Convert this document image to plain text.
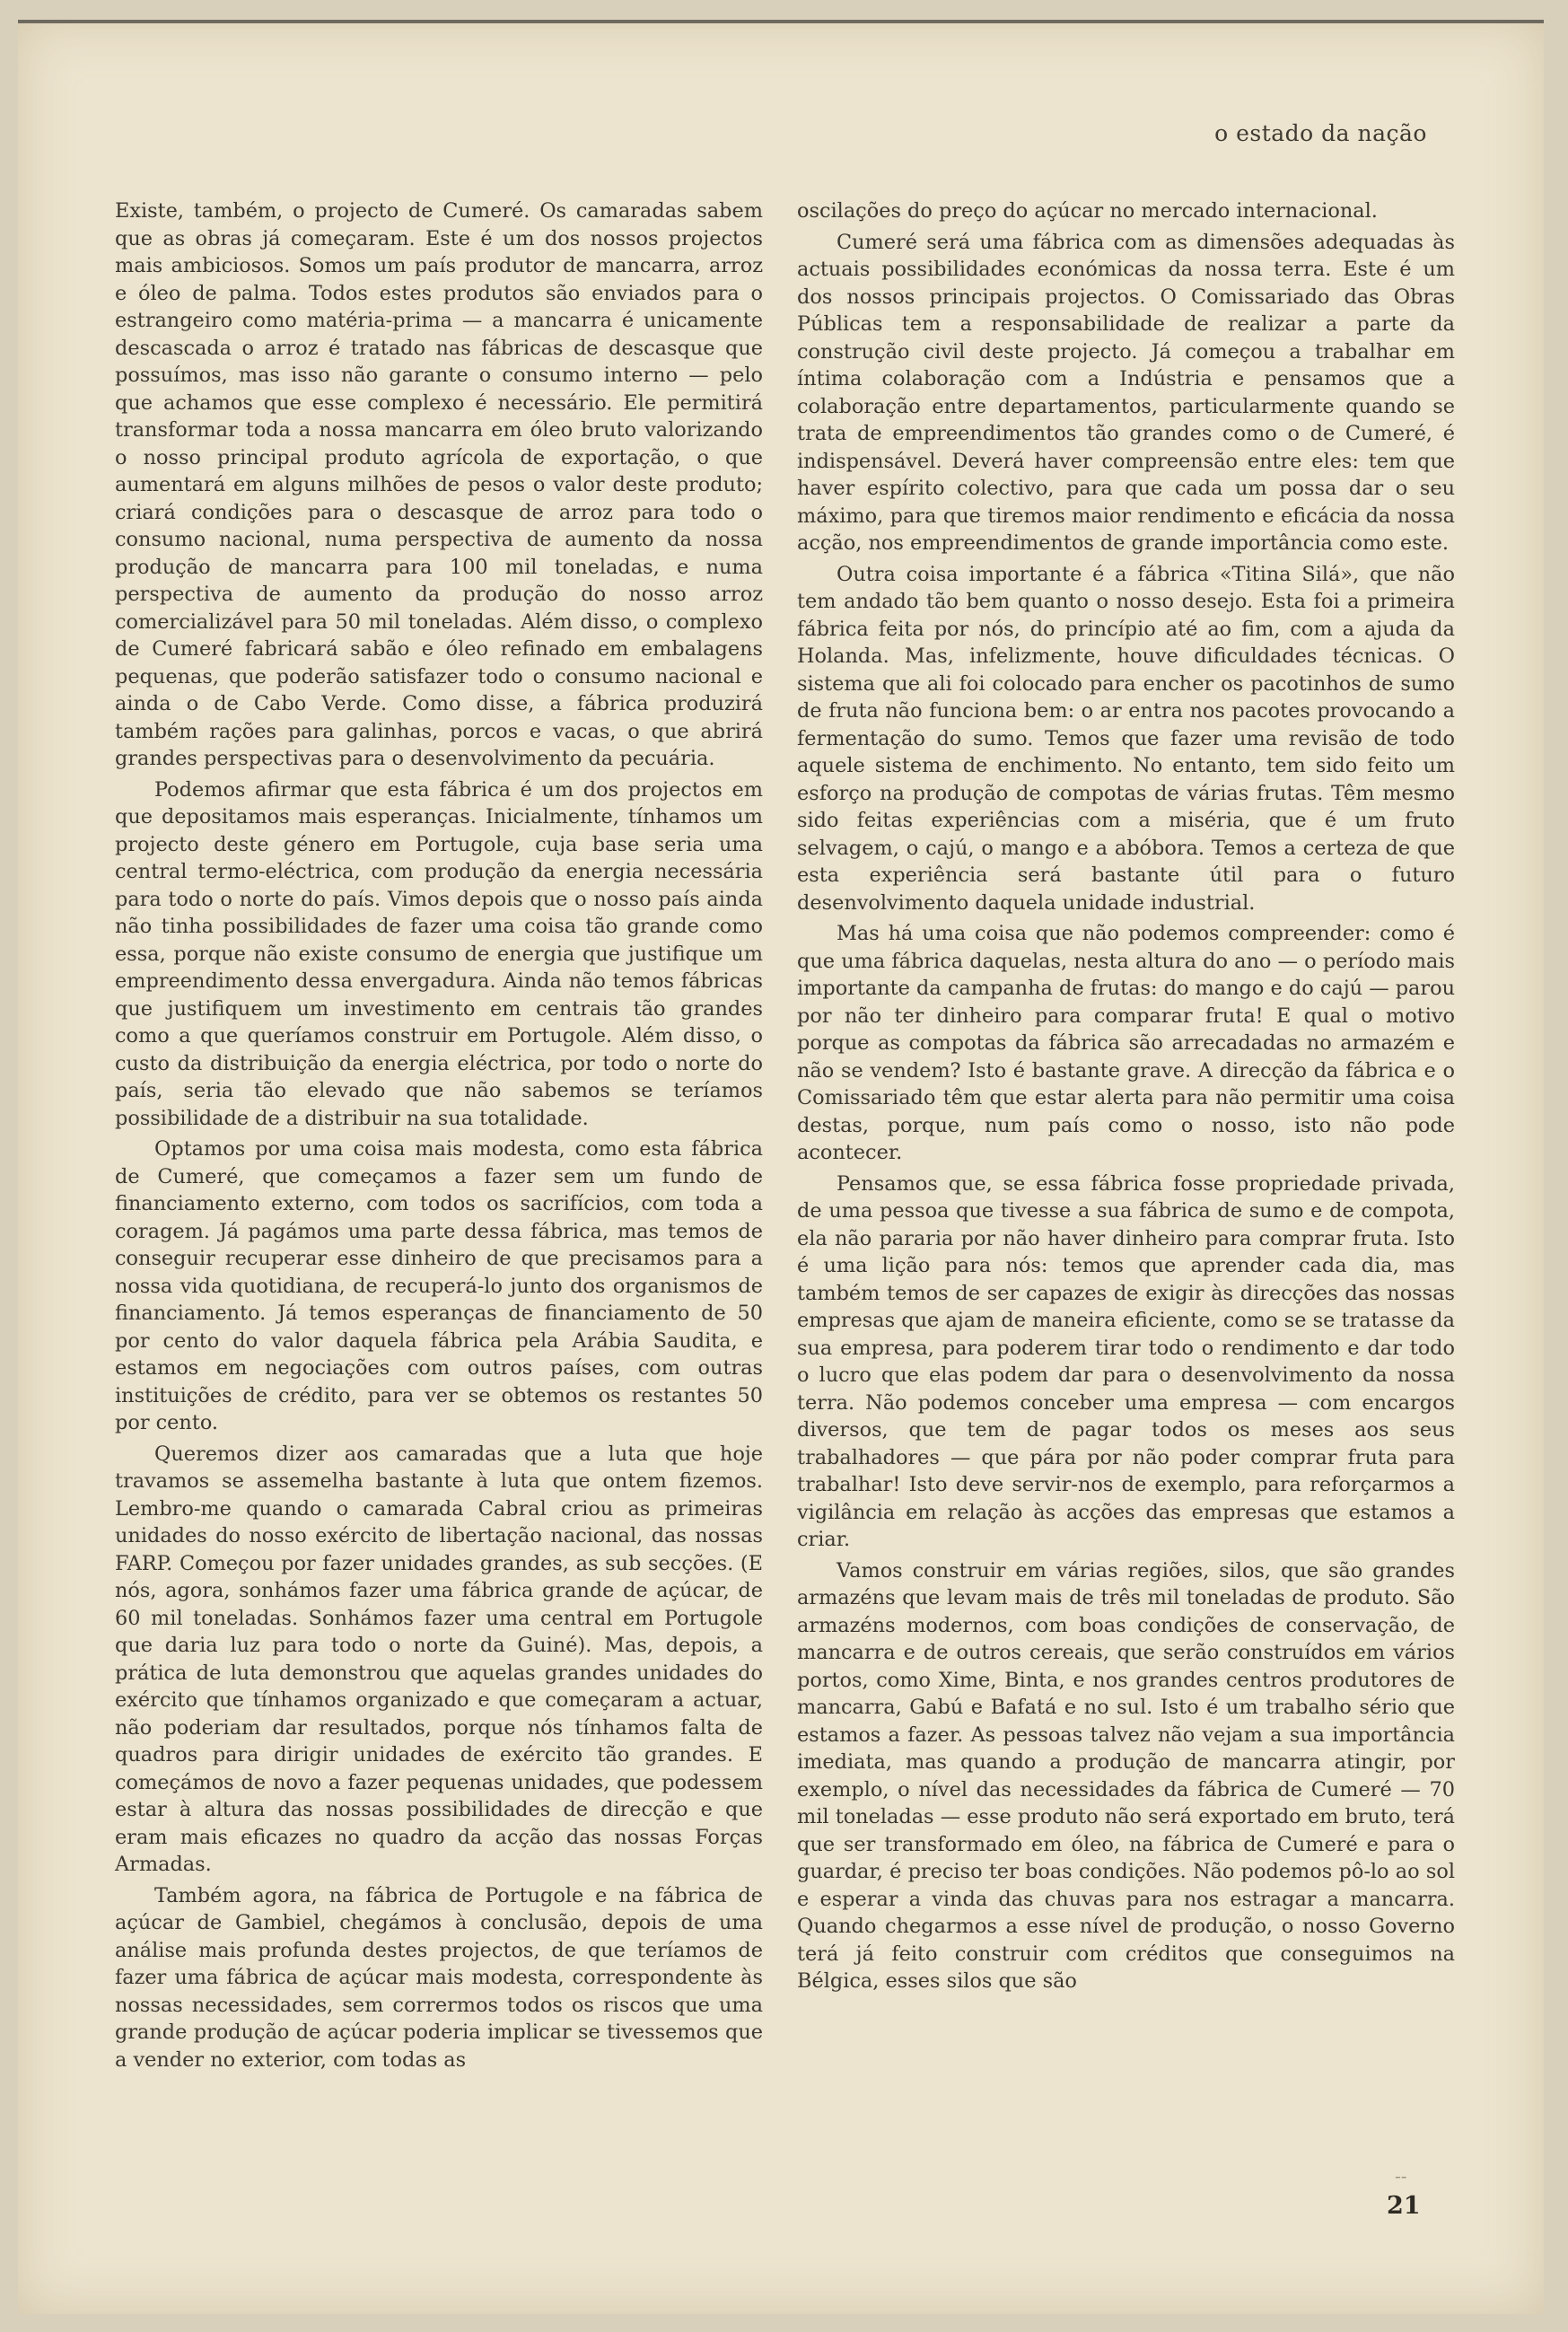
o estado da nação

Existe, também, o projecto de Cumeré. Os camaradas sabem que as obras já começaram. Este é um dos nossos projectos mais ambiciosos. Somos um país produtor de mancarra, arroz e óleo de palma. Todos estes produtos são enviados para o estrangeiro como matéria-prima — a mancarra é unicamente descascada o arroz é tratado nas fábricas de descasque que possuímos, mas isso não garante o consumo interno — pelo que achamos que esse complexo é necessário. Ele permitirá transformar toda a nossa mancarra em óleo bruto valorizando o nosso principal produto agrícola de exportação, o que aumentará em alguns milhões de pesos o valor deste produto; criará condições para o descasque de arroz para todo o consumo nacional, numa perspectiva de aumento da nossa produção de mancarra para 100 mil toneladas, e numa perspectiva de aumento da produção do nosso arroz comercializável para 50 mil toneladas. Além disso, o complexo de Cumeré fabricará sabão e óleo refinado em embalagens pequenas, que poderão satisfazer todo o consumo nacional e ainda o de Cabo Verde. Como disse, a fábrica produzirá também rações para galinhas, porcos e vacas, o que abrirá grandes perspectivas para o desenvolvimento da pecuária.

Podemos afirmar que esta fábrica é um dos projectos em que depositamos mais esperanças. Inicialmente, tínhamos um projecto deste género em Portugole, cuja base seria uma central termo-eléctrica, com produção da energia necessária para todo o norte do país. Vimos depois que o nosso país ainda não tinha possibilidades de fazer uma coisa tão grande como essa, porque não existe consumo de energia que justifique um empreendimento dessa envergadura. Ainda não temos fábricas que justifiquem um investimento em centrais tão grandes como a que queríamos construir em Portugole. Além disso, o custo da distribuição da energia eléctrica, por todo o norte do país, seria tão elevado que não sabemos se teríamos possibilidade de a distribuir na sua totalidade.

Optamos por uma coisa mais modesta, como esta fábrica de Cumeré, que começamos a fazer sem um fundo de financiamento externo, com todos os sacrifícios, com toda a coragem. Já pagámos uma parte dessa fábrica, mas temos de conseguir recuperar esse dinheiro de que precisamos para a nossa vida quotidiana, de recuperá-lo junto dos organismos de financiamento. Já temos esperanças de financiamento de 50 por cento do valor daquela fábrica pela Arábia Saudita, e estamos em negociações com outros países, com outras instituições de crédito, para ver se obtemos os restantes 50 por cento.

Queremos dizer aos camaradas que a luta que hoje travamos se assemelha bastante à luta que ontem fizemos. Lembro-me quando o camarada Cabral criou as primeiras unidades do nosso exército de libertação nacional, das nossas FARP. Começou por fazer unidades grandes, as sub secções. (E nós, agora, sonhámos fazer uma fábrica grande de açúcar, de 60 mil toneladas. Sonhámos fazer uma central em Portugole que daria luz para todo o norte da Guiné). Mas, depois, a prática de luta demonstrou que aquelas grandes unidades do exército que tínhamos organizado e que começaram a actuar, não poderiam dar resultados, porque nós tínhamos falta de quadros para dirigir unidades de exército tão grandes. E começámos de novo a fazer pequenas unidades, que podessem estar à altura das nossas possibilidades de direcção e que eram mais eficazes no quadro da acção das nossas Forças Armadas.

Também agora, na fábrica de Portugole e na fábrica de açúcar de Gambiel, chegámos à conclusão, depois de uma análise mais profunda destes projectos, de que teríamos de fazer uma fábrica de açúcar mais modesta, correspondente às nossas necessidades, sem corrermos todos os riscos que uma grande produção de açúcar poderia implicar se tivessemos que a vender no exterior, com todas as

oscilações do preço do açúcar no mercado internacional.

Cumeré será uma fábrica com as dimensões adequadas às actuais possibilidades económicas da nossa terra. Este é um dos nossos principais projectos. O Comissariado das Obras Públicas tem a responsabilidade de realizar a parte da construção civil deste projecto. Já começou a trabalhar em íntima colaboração com a Indústria e pensamos que a colaboração entre departamentos, particularmente quando se trata de empreendimentos tão grandes como o de Cumeré, é indispensável. Deverá haver compreensão entre eles: tem que haver espírito colectivo, para que cada um possa dar o seu máximo, para que tiremos maior rendimento e eficácia da nossa acção, nos empreendimentos de grande importância como este.

Outra coisa importante é a fábrica «Titina Silá», que não tem andado tão bem quanto o nosso desejo. Esta foi a primeira fábrica feita por nós, do princípio até ao fim, com a ajuda da Holanda. Mas, infelizmente, houve dificuldades técnicas. O sistema que ali foi colocado para encher os pacotinhos de sumo de fruta não funciona bem: o ar entra nos pacotes provocando a fermentação do sumo. Temos que fazer uma revisão de todo aquele sistema de enchimento. No entanto, tem sido feito um esforço na produção de compotas de várias frutas. Têm mesmo sido feitas experiências com a miséria, que é um fruto selvagem, o cajú, o mango e a abóbora. Temos a certeza de que esta experiência será bastante útil para o futuro desenvolvimento daquela unidade industrial.

Mas há uma coisa que não podemos compreender: como é que uma fábrica daquelas, nesta altura do ano — o período mais importante da campanha de frutas: do mango e do cajú — parou por não ter dinheiro para comparar fruta! E qual o motivo porque as compotas da fábrica são arrecadadas no armazém e não se vendem? Isto é bastante grave. A direcção da fábrica e o Comissariado têm que estar alerta para não permitir uma coisa destas, porque, num país como o nosso, isto não pode acontecer.

Pensamos que, se essa fábrica fosse propriedade privada, de uma pessoa que tivesse a sua fábrica de sumo e de compota, ela não pararia por não haver dinheiro para comprar fruta. Isto é uma lição para nós: temos que aprender cada dia, mas também temos de ser capazes de exigir às direcções das nossas empresas que ajam de maneira eficiente, como se se tratasse da sua empresa, para poderem tirar todo o rendimento e dar todo o lucro que elas podem dar para o desenvolvimento da nossa terra. Não podemos conceber uma empresa — com encargos diversos, que tem de pagar todos os meses aos seus trabalhadores — que pára por não poder comprar fruta para trabalhar! Isto deve servir-nos de exemplo, para reforçarmos a vigilância em relação às acções das empresas que estamos a criar.

Vamos construir em várias regiões, silos, que são grandes armazéns que levam mais de três mil toneladas de produto. São armazéns modernos, com boas condições de conservação, de mancarra e de outros cereais, que serão construídos em vários portos, como Xime, Binta, e nos grandes centros produtores de mancarra, Gabú e Bafatá e no sul. Isto é um trabalho sério que estamos a fazer. As pessoas talvez não vejam a sua importância imediata, mas quando a produção de mancarra atingir, por exemplo, o nível das necessidades da fábrica de Cumeré — 70 mil toneladas — esse produto não será exportado em bruto, terá que ser transformado em óleo, na fábrica de Cumeré e para o guardar, é preciso ter boas condições. Não podemos pô-lo ao sol e esperar a vinda das chuvas para nos estragar a mancarra. Quando chegarmos a esse nível de produção, o nosso Governo terá já feito construir com créditos que conseguimos na Bélgica, esses silos que são

--
21
